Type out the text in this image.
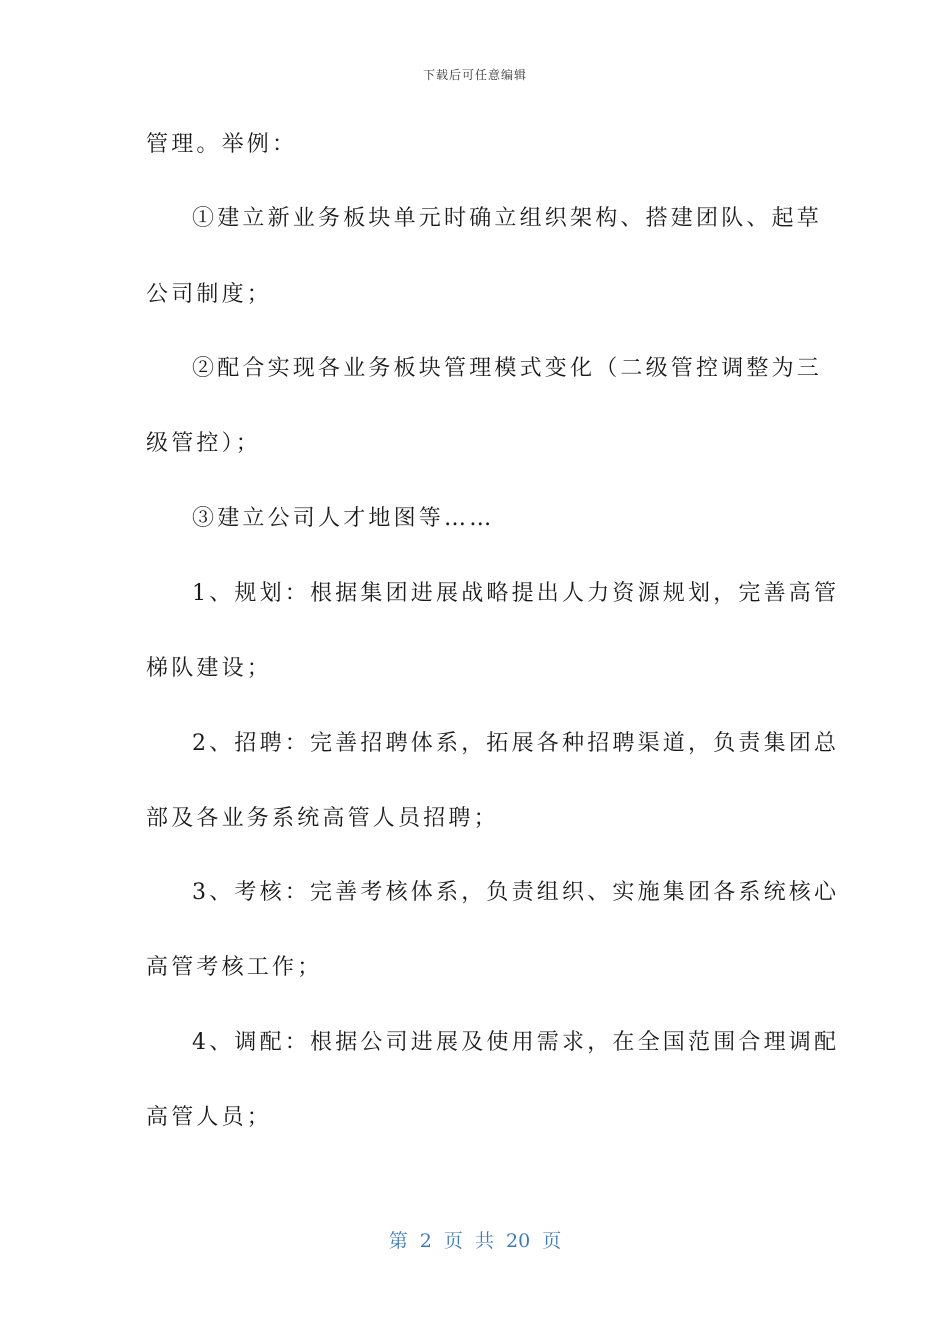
下载后可任意编辑
管理。举例：
①建立新业务板块单元时确立组织架构、搭建团队、起草
公司制度；
②配合实现各业务板块管理模式变化（二级管控调整为三
级管控）；
③建立公司人才地图等……
1、规划：根据集团进展战略提出人力资源规划，完善高管
梯队建设；
2、招聘：完善招聘体系，拓展各种招聘渠道，负责集团总
部及各业务系统高管人员招聘；
3、考核：完善考核体系，负责组织、实施集团各系统核心
高管考核工作；
4、调配：根据公司进展及使用需求，在全国范围合理调配
高管人员；
第 2 页 共 20 页
